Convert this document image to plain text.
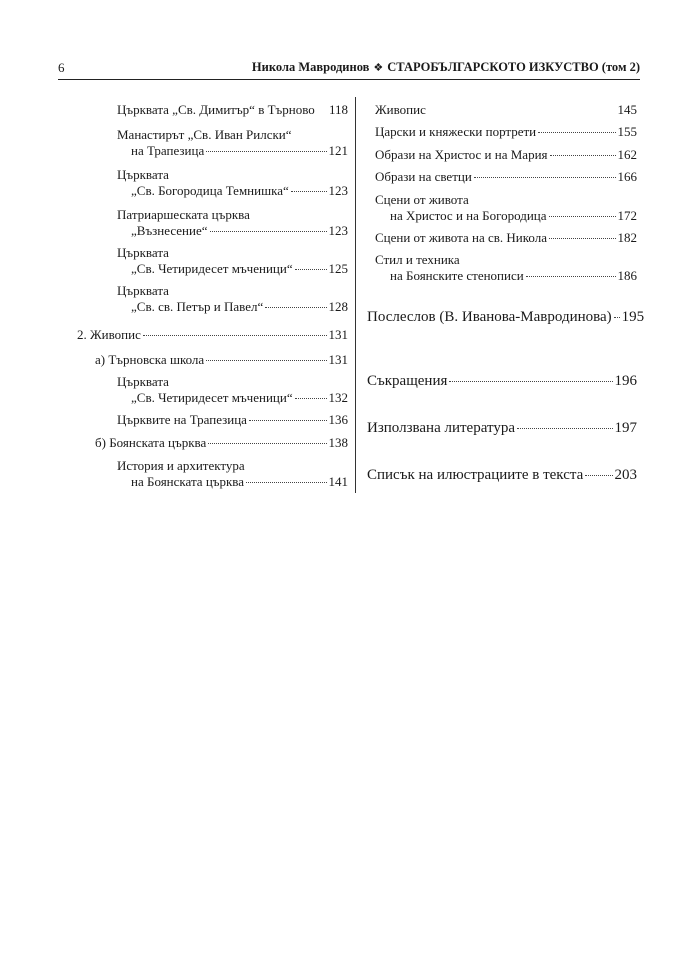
6	Никола Мавродинов ❖ СТАРОБЪЛГАРСКОТО ИЗКУСТВО (том 2)
Църквата „Св. Димитър“ в Търново 118
Манастирът „Св. Иван Рилски“
на Трапезица	121
Църквата
„Св. Богородица Темнишка“	123
Патриаршеската църква
„Възнесение“	123
Църквата
„Св. Четиридесет мъченици“	125
Църквата
„Св. св. Петър и Павел“	128
2. Живопис	131
а) Търновска школа	131
Църквата
„Св. Четиридесет мъченици“	132
Църквите на Трапезица	136
б) Боянската църква	138
История и архитектура
на Боянската църква	141
Живопис	145
Царски и княжески портрети	155
Образи на Христос и на Мария	162
Образи на светци	166
Сцени от живота
на Христос и на Богородица	172
Сцени от живота на св. Никола	182
Стил и техника
на Боянските стенописи	186
Послеслов (В. Иванова-Мавродинова) 195
Съкращения	196
Използвана литература	197
Списък на илюстрациите в текста 203
